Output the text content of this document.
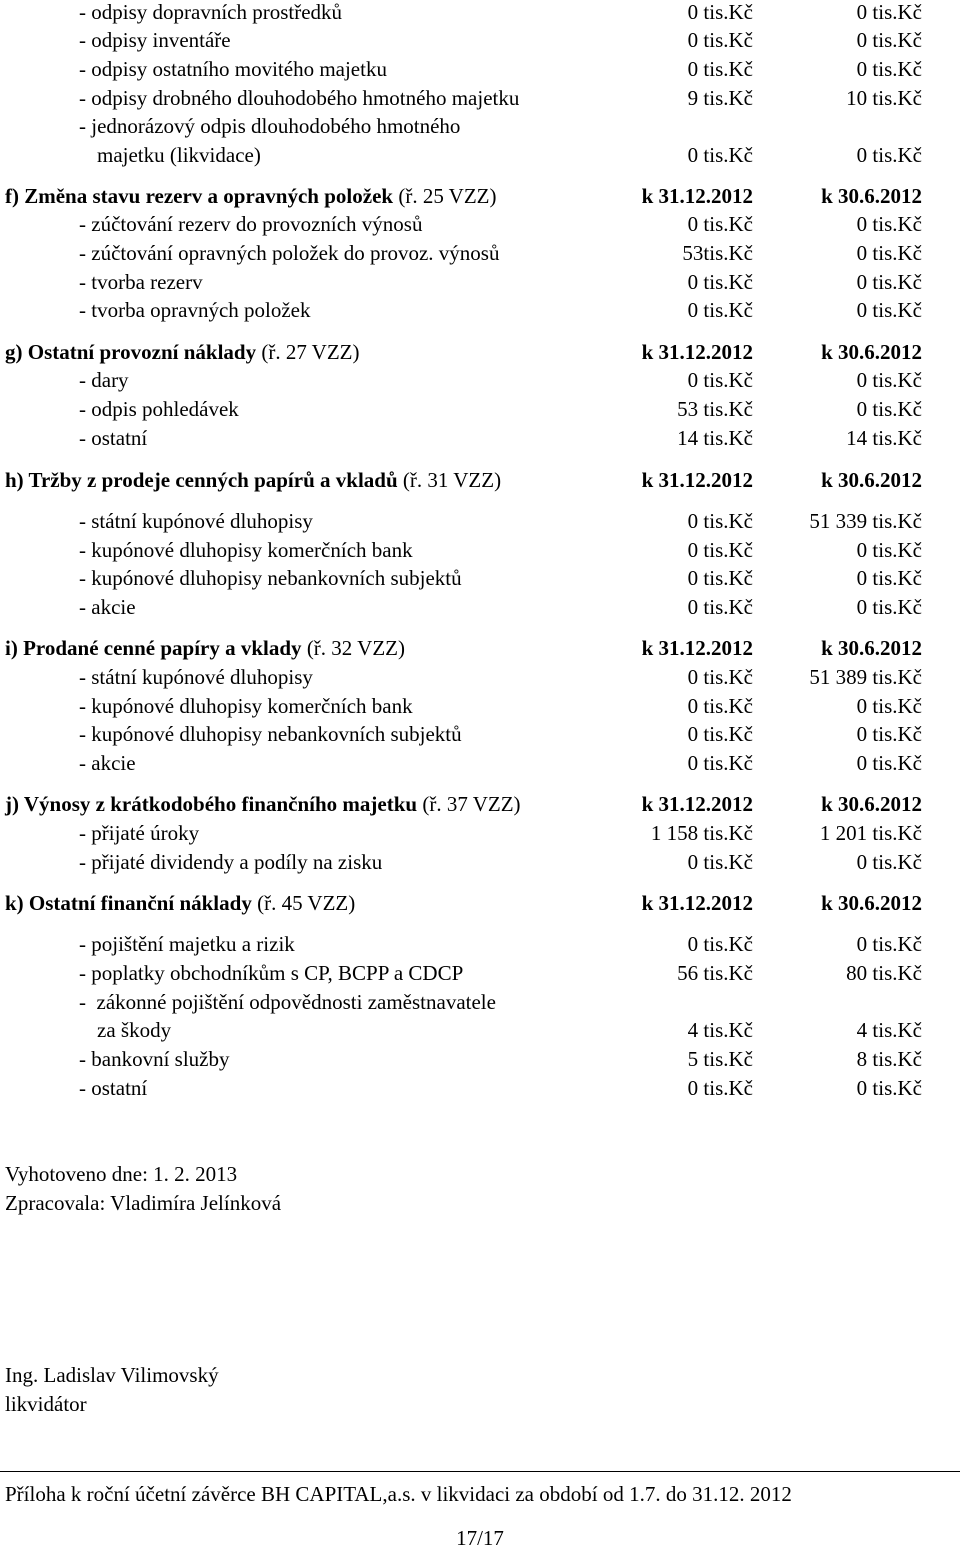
- odpisy dopravních prostředků	0 tis.Kč	0 tis.Kč
- odpisy inventáře	0 tis.Kč	0 tis.Kč
- odpisy ostatního movitého majetku	0 tis.Kč	0 tis.Kč
- odpisy drobného dlouhodobého hmotného majetku	9 tis.Kč	10 tis.Kč
- jednorázový odpis dlouhodobého hmotného
majetku (likvidace)	0 tis.Kč	0 tis.Kč
f) Změna stavu rezerv a opravných položek (ř. 25 VZZ)	k 31.12.2012	k 30.6.2012
- zúčtování rezerv do provozních výnosů	0 tis.Kč	0 tis.Kč
- zúčtování opravných položek do provoz. výnosů	53tis.Kč	0 tis.Kč
- tvorba rezerv	0 tis.Kč	0 tis.Kč
- tvorba opravných položek	0 tis.Kč	0 tis.Kč
g) Ostatní provozní náklady (ř. 27 VZZ)	k 31.12.2012	k 30.6.2012
- dary	0 tis.Kč	0 tis.Kč
- odpis pohledávek	53 tis.Kč	0 tis.Kč
- ostatní	14 tis.Kč	14 tis.Kč
h) Tržby z prodeje cenných papírů a vkladů (ř. 31 VZZ)	k 31.12.2012	k 30.6.2012
- státní kupónové dluhopisy	0 tis.Kč	51 339 tis.Kč
- kupónové dluhopisy komerčních bank	0 tis.Kč	0 tis.Kč
- kupónové dluhopisy nebankovních subjektů	0 tis.Kč	0 tis.Kč
- akcie	0 tis.Kč	0 tis.Kč
i) Prodané cenné papíry a vklady (ř. 32 VZZ)	k 31.12.2012	k 30.6.2012
- státní kupónové dluhopisy	0 tis.Kč	51 389 tis.Kč
- kupónové dluhopisy komerčních bank	0 tis.Kč	0 tis.Kč
- kupónové dluhopisy nebankovních subjektů	0 tis.Kč	0 tis.Kč
- akcie	0 tis.Kč	0 tis.Kč
j) Výnosy z krátkodobého finančního majetku (ř. 37 VZZ)	k 31.12.2012	k 30.6.2012
- přijaté úroky	1 158 tis.Kč	1 201 tis.Kč
- přijaté dividendy a podíly na zisku	0 tis.Kč	0 tis.Kč
k) Ostatní finanční náklady (ř. 45 VZZ)	k 31.12.2012	k 30.6.2012
- pojištění majetku a rizik	0 tis.Kč	0 tis.Kč
- poplatky obchodníkům s CP, BCPP a CDCP	56 tis.Kč	80 tis.Kč
-  zákonné pojištění odpovědnosti zaměstnavatele
za škody	4 tis.Kč	4 tis.Kč
- bankovní služby	5 tis.Kč	8 tis.Kč
- ostatní	0 tis.Kč	0 tis.Kč
Vyhotoveno dne: 1. 2. 2013
Zpracovala: Vladimíra Jelínková
Ing. Ladislav Vilimovský
likvidátor
Příloha k roční účetní závěrce BH CAPITAL,a.s. v likvidaci za období od 1.7. do 31.12. 2012
17/17
